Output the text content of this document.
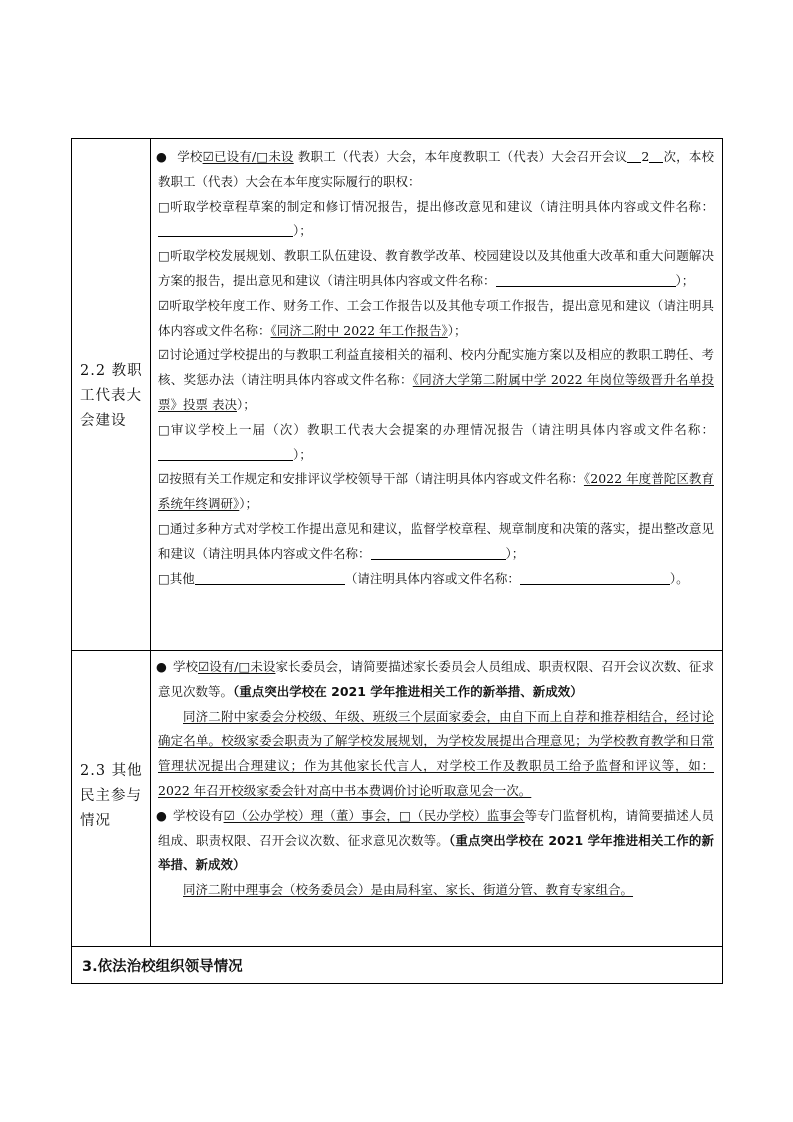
2.2 教职工代表大会建设

● 学校☑已设有/□未设 教职工（代表）大会，本年度教职工（代表）大会召开会议 2 次，本校教职工（代表）大会在本年度实际履行的职权：

□听取学校章程草案的制定和修订情况报告，提出修改意见和建议（请注明具体内容或文件名称：）；

□听取学校发展规划、教职工队伍建设、教育教学改革、校园建设以及其他重大改革和重大问题解决方案的报告，提出意见和建议（请注明具体内容或文件名称：	）；

☑听取学校年度工作、财务工作、工会工作报告以及其他专项工作报告，提出意见和建议（请注明具体内容或文件名称：《同济二附中 2022 年工作报告》）；

☑讨论通过学校提出的与教职工利益直接相关的福利、校内分配实施方案以及相应的教职工聘任、考核、奖惩办法（请注明具体内容或文件名称：《同济大学第二附属中学 2022 年岗位等级晋升名单投票》投票 表决）；

□审议学校上一届（次）教职工代表大会提案的办理情况报告（请注明具体内容或文件名称：）；

☑按照有关工作规定和安排评议学校领导干部（请注明具体内容或文件名称：《2022 年度普陀区教育系统年终调研》）；

□通过多种方式对学校工作提出意见和建议，监督学校章程、规章制度和决策的落实，提出整改意见和建议（请注明具体内容或文件名称：	）；

□其他	（请注明具体内容或文件名称：	）。

2.3 其他民主参与情况

● 学校☑设有/□未设家长委员会，请简要描述家长委员会人员组成、职责权限、召开会议次数、征求意见次数等。（重点突出学校在 2021 学年推进相关工作的新举措、新成效）

同济二附中家委会分校级、年级、班级三个层面家委会，由自下而上自荐和推荐相结合，经讨论确定名单。校级家委会职责为了解学校发展规划，为学校发展提出合理意见；为学校教育教学和日常管理状况提出合理建议；作为其他家长代言人，对学校工作及教职员工给予监督和评议等，如：2022 年召开校级家委会针对高中书本费调价讨论听取意见会一次。

● 学校设有☑（公办学校）理（董）事会，□（民办学校）监事会等专门监督机构，请简要描述人员组成、职责权限、召开会议次数、征求意见次数等。（重点突出学校在 2021 学年推进相关工作的新举措、新成效）

同济二附中理事会（校务委员会）是由局科室、家长、街道分管、教育专家组合。

3.依法治校组织领导情况
